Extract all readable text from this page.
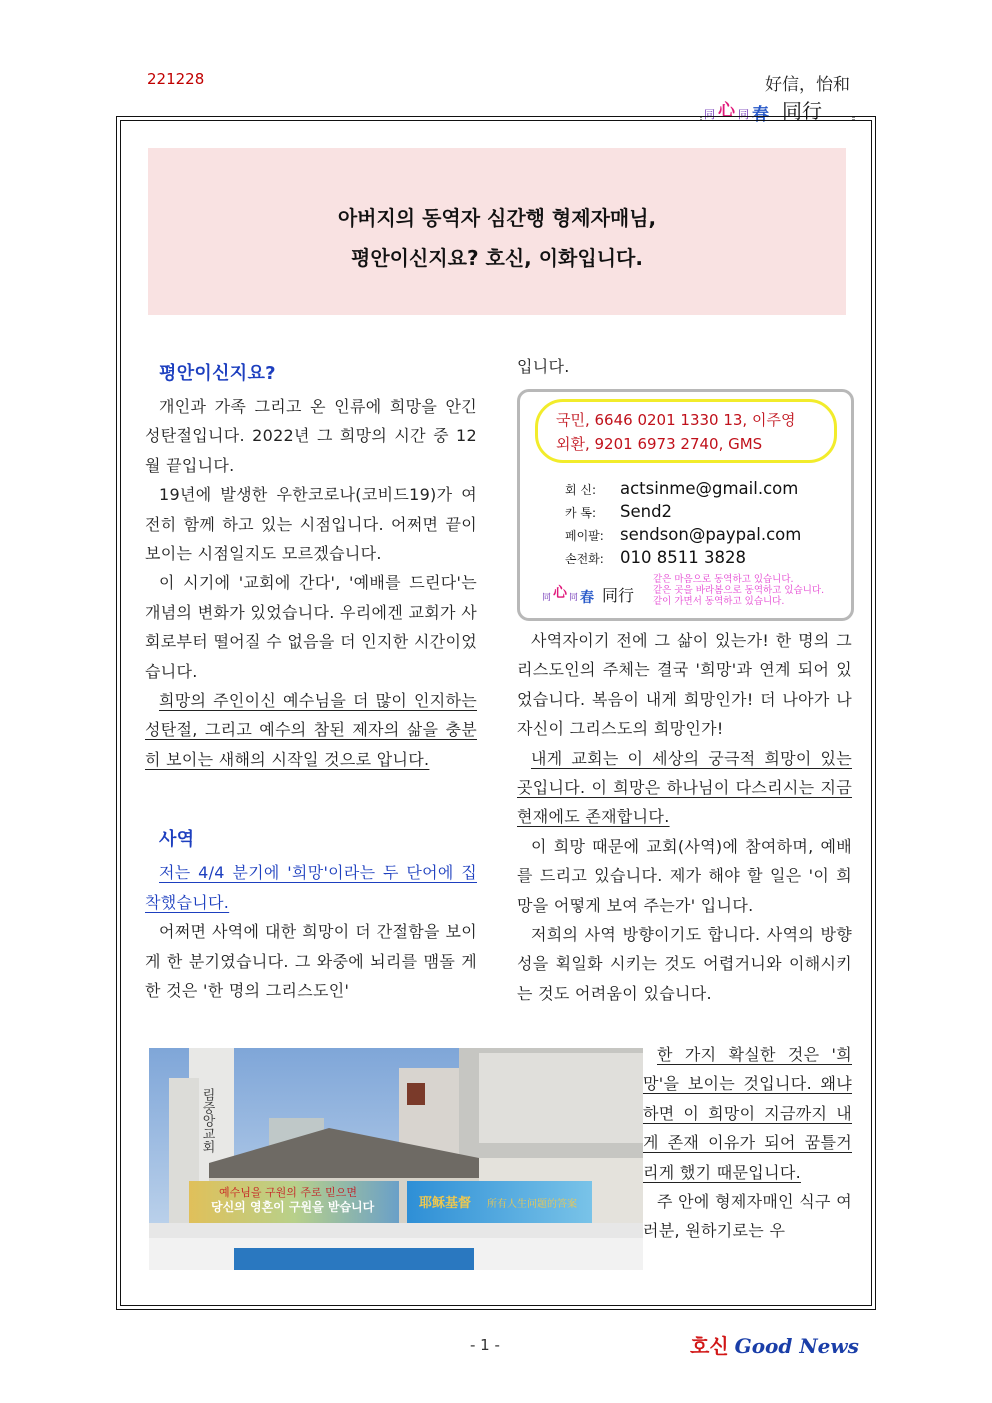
221228	好信，怡和
同 心 同 春 同行
아버지의 동역자 심간행 형제자매님,
평안이신지요? 호신, 이화입니다.
평안이신지요?

개인과 가족 그리고 온 인류에 희망을 안긴 성탄절입니다. 2022년 그 희망의 시간 중 12월 끝입니다.

19년에 발생한 우한코로나(코비드19)가 여전히 함께 하고 있는 시점입니다. 어쩌면 끝이 보이는 시점일지도 모르겠습니다.

이 시기에 '교회에 간다', '예배를 드린다'는 개념의 변화가 있었습니다. 우리에겐 교회가 사회로부터 떨어질 수 없음을 더 인지한 시간이었습니다.

희망의 주인이신 예수님을 더 많이 인지하는 성탄절, 그리고 예수의 참된 제자의 삶을 충분히 보이는 새해의 시작일 것으로 압니다.

사역

저는 4/4 분기에 '희망'이라는 두 단어에 집착했습니다.

어쩌면 사역에 대한 희망이 더 간절함을 보이게 한 분기였습니다. 그 와중에 뇌리를 맴돌 게 한 것은 '한 명의 그리스도인'

입니다.
국민, 6646 0201 1330 13, 이주영
외환, 9201 6973 2740, GMS
회 신: actsinme@gmail.com
카 톡: Send2
페이팔: sendson@paypal.com
손전화: 010 8511 3828
同 心 同 春 同行
같은 마음으로 동역하고 있습니다.
같은 곳을 바라봄으로 동역하고 있습니다.
같이 가면서 동역하고 있습니다.

사역자이기 전에 그 삶이 있는가! 한 명의 그리스도인의 주체는 결국 '희망'과 연계 되어 있었습니다. 복음이 내게 희망인가! 더 나아가 나 자신이 그리스도의 희망인가!

내게 교회는 이 세상의 궁극적 희망이 있는 곳입니다. 이 희망은 하나님이 다스리시는 지금 현재에도 존재합니다.

이 희망 때문에 교회(사역)에 참여하며, 예배를 드리고 있습니다. 제가 해야 할 일은 '이 희망을 어떻게 보여 주는가' 입니다.

저희의 사역 방향이기도 합니다. 사역의 방향성을 획일화 시키는 것도 어렵거니와 이해시키는 것도 어려움이 있습니다.

예수님을 구원의 주로 믿으면
당신의 영혼이 구원을 받습니다	耶稣基督 所有人生问题的答案
림중앙교회

한 가지 확실한 것은 '희망'을 보이는 것입니다. 왜냐하면 이 희망이 지금까지 내게 존재 이유가 되어 꿈틀거리게 했기 때문입니다.

주 안에 형제자매인 식구 여러분, 원하기로는 우

- 1 -	호신 Good News
